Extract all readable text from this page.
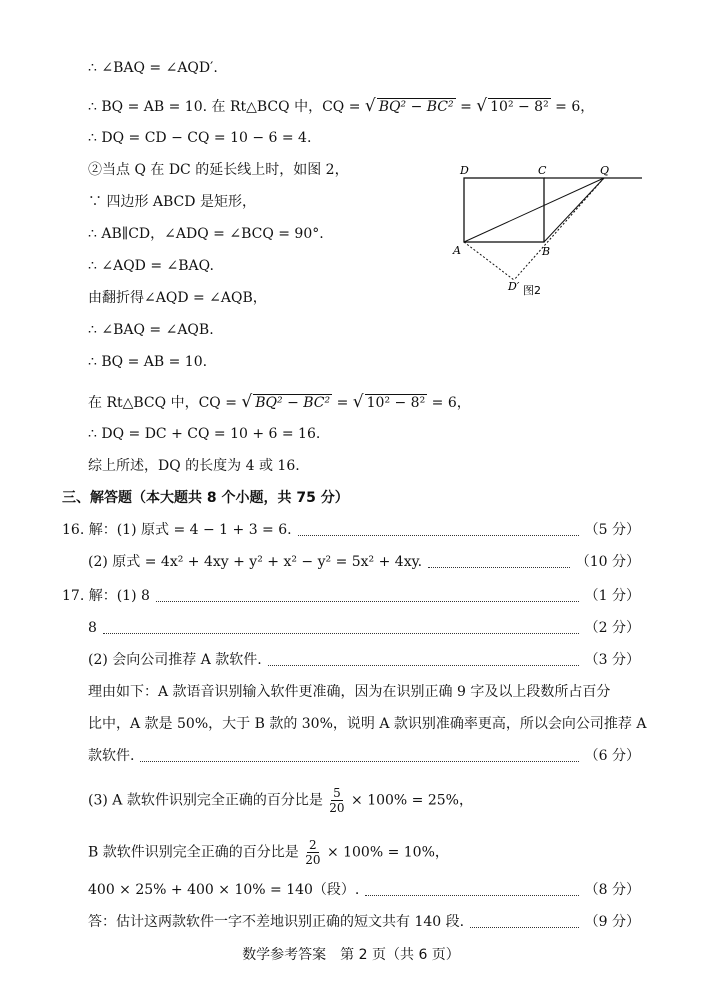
∴ ∠BAQ = ∠AQD′.
∴ BQ = AB = 10. 在 Rt△BCQ 中，CQ = √ BQ² − BC² = √ 10² − 8² = 6，
∴ DQ = CD − CQ = 10 − 6 = 4.
②当点 Q 在 DC 的延长线上时，如图 2，
∵ 四边形 ABCD 是矩形，
∴ AB∥CD，∠ADQ = ∠BCQ = 90°.
∴ ∠AQD = ∠BAQ.
由翻折得∠AQD = ∠AQB，
∴ ∠BAQ = ∠AQB.
∴ BQ = AB = 10.
在 Rt△BCQ 中，CQ = √ BQ² − BC² = √ 10² − 8² = 6，
∴ DQ = DC + CQ = 10 + 6 = 16.
综上所述，DQ 的长度为 4 或 16.
三、解答题（本大题共 8 个小题，共 75 分）
16. 解：(1) 原式 = 4 − 1 + 3 = 6.	（5 分）
(2) 原式 = 4x² + 4xy + y² + x² − y² = 5x² + 4xy.	（10 分）
17. 解：(1) 8	（1 分）
8	（2 分）
(2) 会向公司推荐 A 款软件.	（3 分）
理由如下：A 款语音识别输入软件更准确，因为在识别正确 9 字及以上段数所占百分
比中，A 款是 50%，大于 B 款的 30%，说明 A 款识别准确率更高，所以会向公司推荐 A
款软件.	（6 分）
(3) A 款软件识别完全正确的百分比是 $\frac{5}{20} \times 100\% = 25\%$，
B 款软件识别完全正确的百分比是 $\frac{2}{20} \times 100\% = 10\%$，
400 × 25% + 400 × 10% = 140（段）.	（8 分）
答：估计这两款软件一字不差地识别正确的短文共有 140 段.	（9 分）
D	C	Q
A	B
D′ 图2
数学参考答案　第 2 页（共 6 页）
